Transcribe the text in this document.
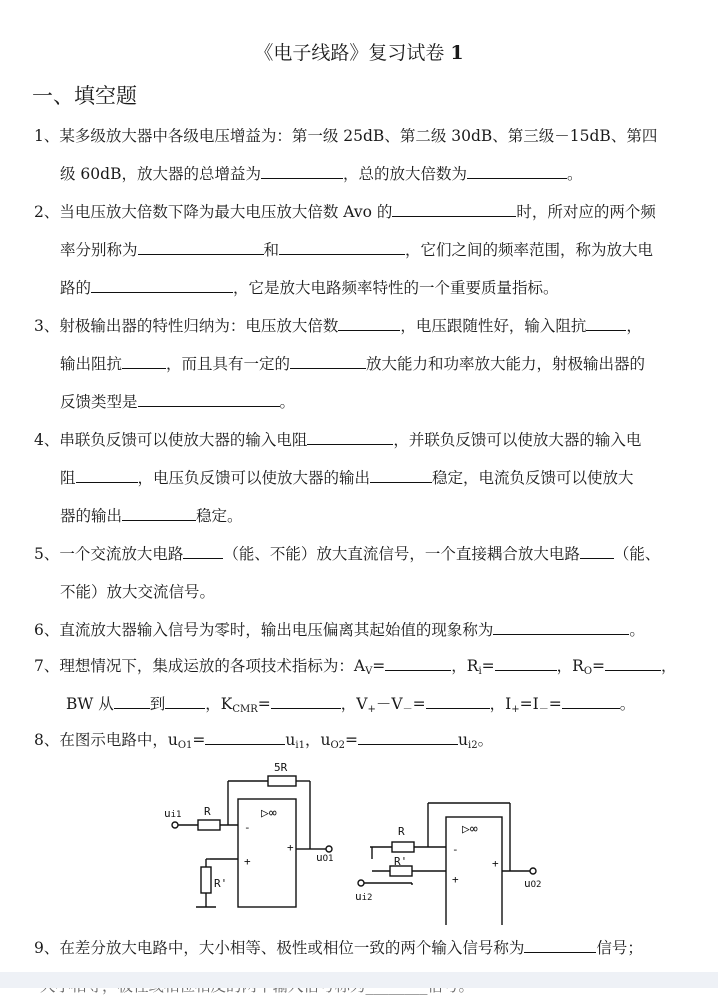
《电子线路》复习试卷 1
一、填空题
1、某多级放大器中各级电压增益为：第一级 25dB、第二级 30dB、第三级－15dB、第四
级 60dB，放大器的总增益为	，总的放大倍数为	。
2、当电压放大倍数下降为最大电压放大倍数 Avo 的	时，所对应的两个频
率分别称为	和	，它们之间的频率范围，称为放大电
路的	，它是放大电路频率特性的一个重要质量指标。
3、射极输出器的特性归纳为：电压放大倍数	，电压跟随性好，输入阻抗	，
输出阻抗	，而且具有一定的	放大能力和功率放大能力，射极输出器的
反馈类型是	。
4、串联负反馈可以使放大器的输入电阻	，并联负反馈可以使放大器的输入电
阻	，电压负反馈可以使放大器的输出	稳定，电流负反馈可以使放大
器的输出	稳定。
5、一个交流放大电路	（能、不能）放大直流信号，一个直接耦合放大电路 （能、
不能）放大交流信号。
6、直流放大器输入信号为零时，输出电压偏离其起始值的现象称为	。
7、理想情况下，集成运放的各项技术指标为：$A_V=$	，$R_i=$	，$R_O=$	，
BW 从 到	，$K_{CMR}=$	，$V_+-V_-=$	，$I_+=I_-=$	。
8、在图示电路中，$u_{O1}=$	$u_{i1}$，$u_{O2}=$	$u_{i2}$。
5R
ui1 R	▷∞
-
+
+
R'
uO1
R	▷∞
-
+
+
R'
ui2
uO2
9、在差分放大电路中，大小相等、极性或相位一致的两个输入信号称为	信号；
